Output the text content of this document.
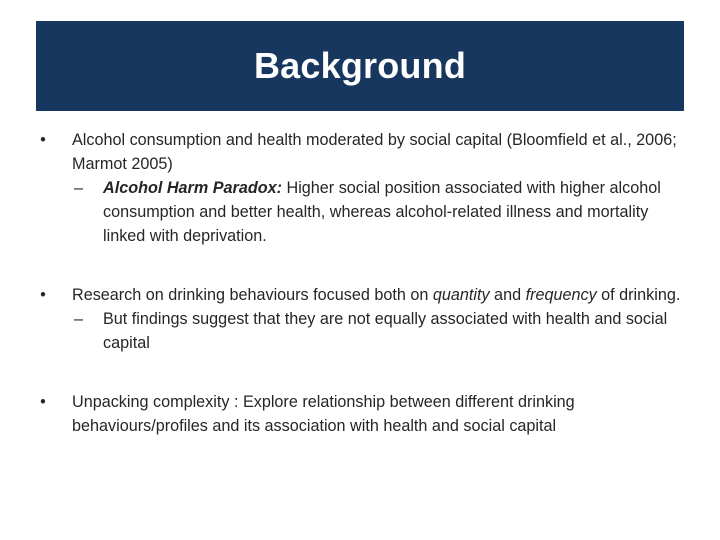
Background
• Alcohol consumption and health moderated by social capital (Bloomfield et al., 2006; Marmot 2005)
– Alcohol Harm Paradox: Higher social position associated with higher alcohol consumption and better health, whereas alcohol-related illness and mortality linked with deprivation.
• Research on drinking behaviours focused both on quantity and frequency of drinking.
– But findings suggest that they are not equally associated with health and social capital
• Unpacking complexity : Explore relationship between different drinking behaviours/profiles and its association with health and social capital
